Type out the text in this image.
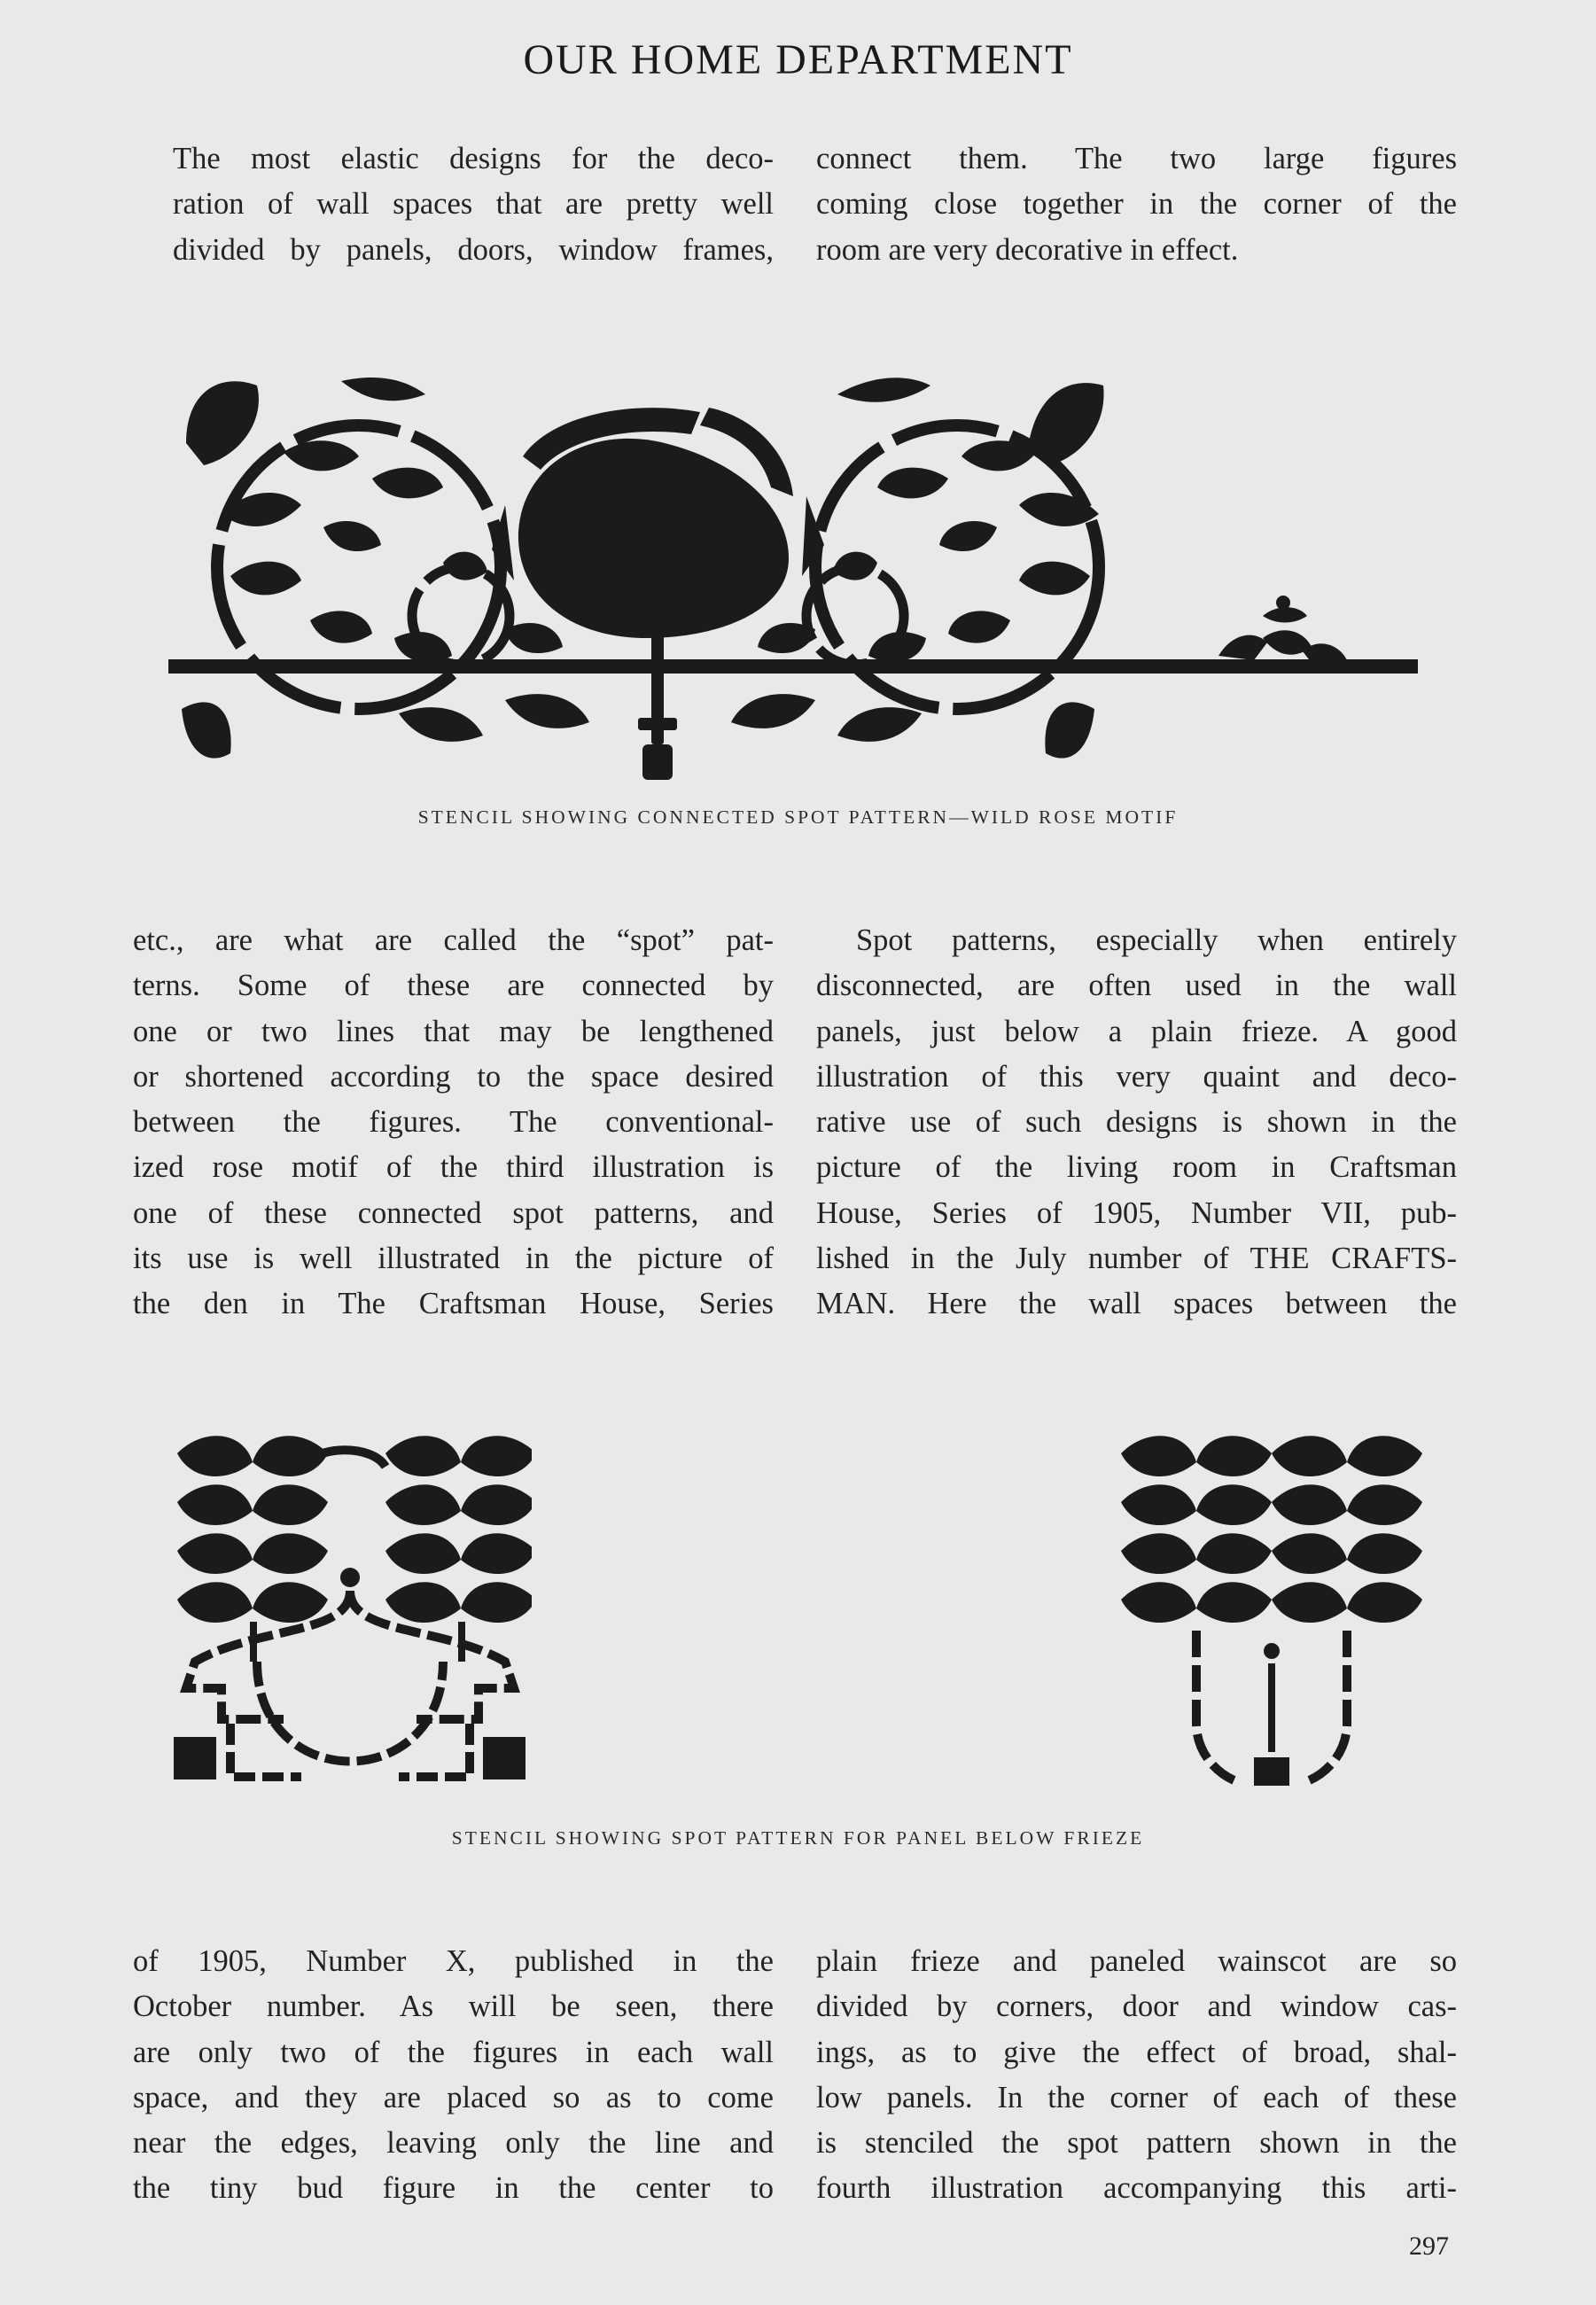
OUR HOME DEPARTMENT
The most elastic designs for the deco-
ration of wall spaces that are pretty well
divided by panels, doors, window frames,
connect them. The two large figures
coming close together in the corner of the
room are very decorative in effect.
STENCIL SHOWING CONNECTED SPOT PATTERN—WILD ROSE MOTIF
etc., are what are called the “spot” pat-
terns. Some of these are connected by
one or two lines that may be lengthened
or shortened according to the space desired
between the figures. The conventional-
ized rose motif of the third illustration is
one of these connected spot patterns, and
its use is well illustrated in the picture of
the den in The Craftsman House, Series
Spot patterns, especially when entirely
disconnected, are often used in the wall
panels, just below a plain frieze. A good
illustration of this very quaint and deco-
rative use of such designs is shown in the
picture of the living room in Craftsman
House, Series of 1905, Number VII, pub-
lished in the July number of THE CRAFTS-
MAN. Here the wall spaces between the
STENCIL SHOWING SPOT PATTERN FOR PANEL BELOW FRIEZE
of 1905, Number X, published in the
October number. As will be seen, there
are only two of the figures in each wall
space, and they are placed so as to come
near the edges, leaving only the line and
the tiny bud figure in the center to
plain frieze and paneled wainscot are so
divided by corners, door and window cas-
ings, as to give the effect of broad, shal-
low panels. In the corner of each of these
is stenciled the spot pattern shown in the
fourth illustration accompanying this arti-
297
